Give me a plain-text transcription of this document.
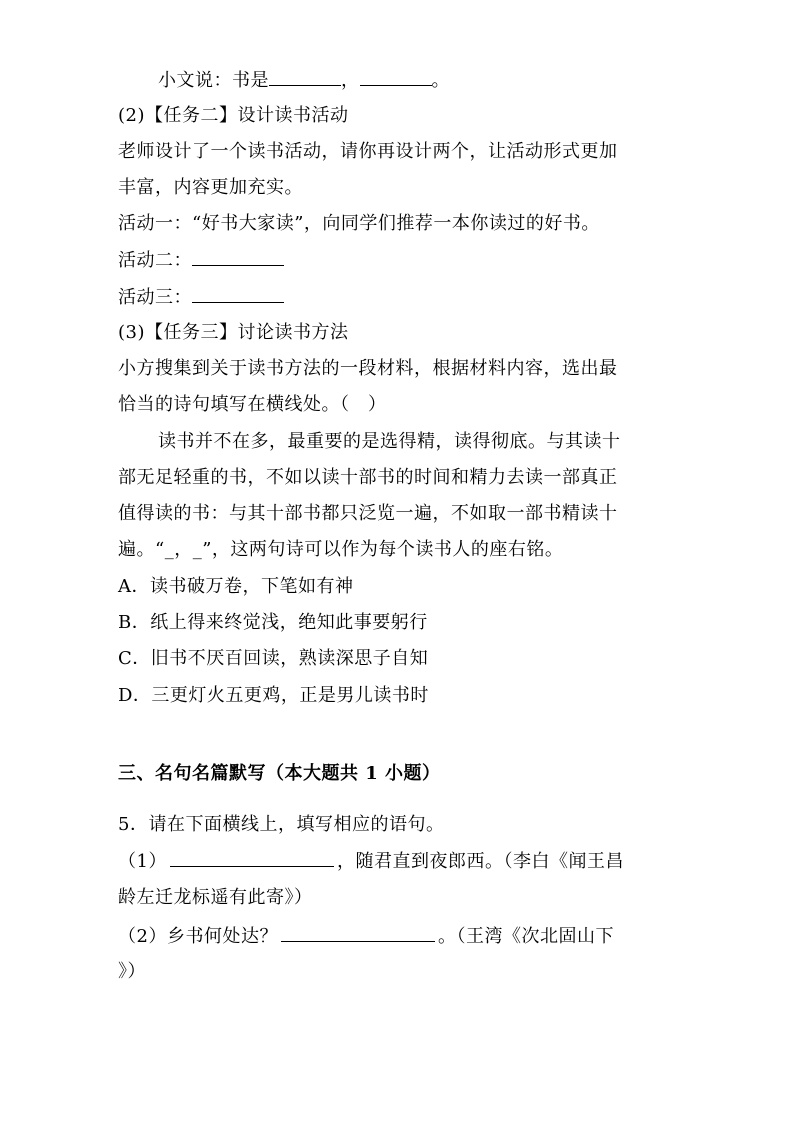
小文说：书是	，	。

(2)【任务二】设计读书活动

老师设计了一个读书活动，请你再设计两个，让活动形式更加

丰富，内容更加充实。

活动一：“好书大家读”，向同学们推荐一本你读过的好书。

活动二：

活动三：

(3)【任务三】讨论读书方法

小方搜集到关于读书方法的一段材料，根据材料内容，选出最

恰当的诗句填写在横线处。（　）

读书并不在多，最重要的是选得精，读得彻底。与其读十

部无足轻重的书，不如以读十部书的时间和精力去读一部真正

值得读的书：与其十部书都只泛览一遍，不如取一部书精读十

遍。“_，_”，这两句诗可以作为每个读书人的座右铭。

A．读书破万卷，下笔如有神

B．纸上得来终觉浅，绝知此事要躬行

C．旧书不厌百回读，熟读深思子自知

D．三更灯火五更鸡，正是男儿读书时

三、名句名篇默写（本大题共 1 小题）

5．请在下面横线上，填写相应的语句。

（1）	，随君直到夜郎西。（李白《闻王昌

龄左迁龙标遥有此寄》）

（2）乡书何处达？	。（王湾《次北固山下

》）
